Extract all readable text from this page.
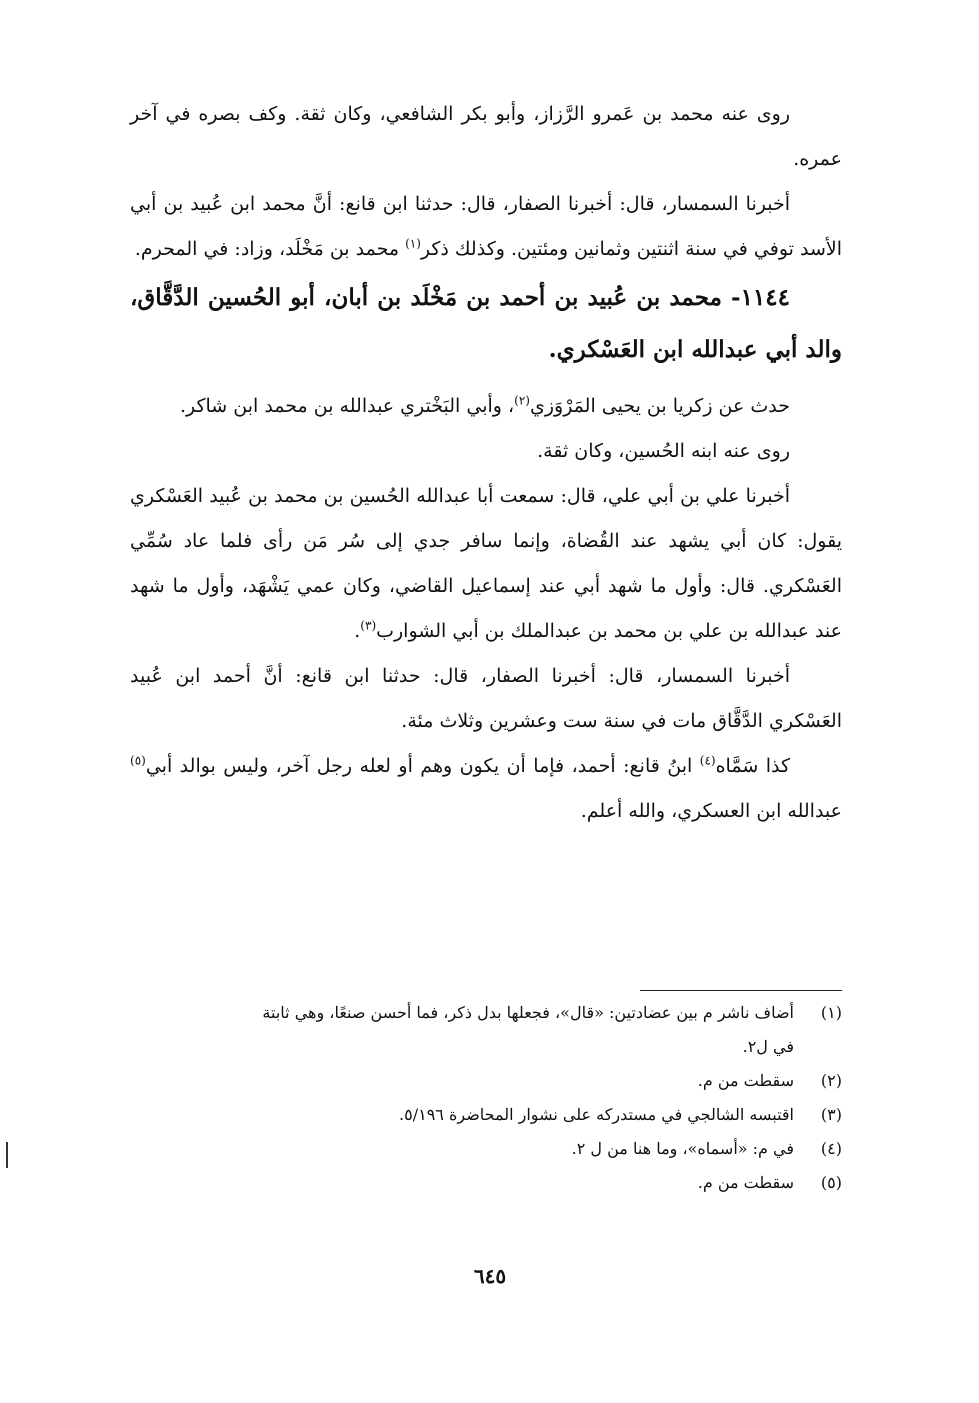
روى عنه محمد بن عَمرو الرَّزاز، وأبو بكر الشافعي، وكان ثقة. وكف بصره في آخر عمره.

أخبرنا السمسار، قال: أخبرنا الصفار، قال: حدثنا ابن قانع: أنَّ محمد ابن عُبيد بن أبي الأسد توفي في سنة اثنتين وثمانين ومئتين. وكذلك ذكر$^{(١)}$ محمد بن مَخْلَد، وزاد: في المحرم.

١١٤٤- محمد بن عُبيد بن أحمد بن مَخْلَد بن أبان، أبو الحُسين الدَّقَّاق، والد أبي عبدالله ابن العَسْكري.

حدث عن زكريا بن يحيى المَرْوَزي$^{(٢)}$، وأبي البَخْتري عبدالله بن محمد ابن شاكر.

روى عنه ابنه الحُسين، وكان ثقة.

أخبرنا علي بن أبي علي، قال: سمعت أبا عبدالله الحُسين بن محمد بن عُبيد العَسْكري يقول: كان أبي يشهد عند القُضاة، وإنما سافر جدي إلى سُر مَن رأى فلما عاد سُمِّي العَسْكري. قال: وأول ما شهد أبي عند إسماعيل القاضي، وكان عمي يَشْهَد، وأول ما شهد عند عبدالله بن علي بن محمد بن عبدالملك بن أبي الشوارب$^{(٣)}$.

أخبرنا السمسار، قال: أخبرنا الصفار، قال: حدثنا ابن قانع: أنَّ أحمد ابن عُبيد العَسْكري الدَّقَّاق مات في سنة ست وعشرين وثلاث مئة.

كذا سَمَّاه$^{(٤)}$ ابنُ قانع: أحمد، فإما أن يكون وهم أو لعله رجل آخر، وليس بوالد أبي$^{(٥)}$ عبدالله ابن العسكري، والله أعلم.

(١)
أضاف ناشر م بين عضادتين: «قال»، فجعلها بدل ذكر، فما أحسن صنعًا، وهي ثابتة في ل٢.

(٢)
سقطت من م.

(٣)
اقتبسه الشالجي في مستدركه على نشوار المحاضرة ٥/١٩٦.

(٤)
في م: «أسماه»، وما هنا من ل ٢.

(٥)
سقطت من م.

٦٤٥
